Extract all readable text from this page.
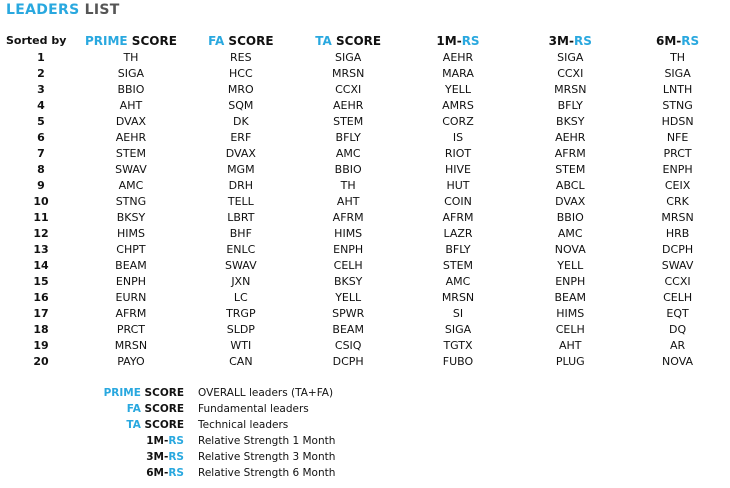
LEADERS LIST
Sorted by	PRIME SCORE	FA SCORE	TA SCORE	1M-RS	3M-RS	6M-RS
1	TH	RES	SIGA	AEHR	SIGA	TH
2	SIGA	HCC	MRSN	MARA	CCXI	SIGA
3	BBIO	MRO	CCXI	YELL	MRSN	LNTH
4	AHT	SQM	AEHR	AMRS	BFLY	STNG
5	DVAX	DK	STEM	CORZ	BKSY	HDSN
6	AEHR	ERF	BFLY	IS	AEHR	NFE
7	STEM	DVAX	AMC	RIOT	AFRM	PRCT
8	SWAV	MGM	BBIO	HIVE	STEM	ENPH
9	AMC	DRH	TH	HUT	ABCL	CEIX
10	STNG	TELL	AHT	COIN	DVAX	CRK
11	BKSY	LBRT	AFRM	AFRM	BBIO	MRSN
12	HIMS	BHF	HIMS	LAZR	AMC	HRB
13	CHPT	ENLC	ENPH	BFLY	NOVA	DCPH
14	BEAM	SWAV	CELH	STEM	YELL	SWAV
15	ENPH	JXN	BKSY	AMC	ENPH	CCXI
16	EURN	LC	YELL	MRSN	BEAM	CELH
17	AFRM	TRGP	SPWR	SI	HIMS	EQT
18	PRCT	SLDP	BEAM	SIGA	CELH	DQ
19	MRSN	WTI	CSIQ	TGTX	AHT	AR
20	PAYO	CAN	DCPH	FUBO	PLUG	NOVA
PRIME SCORE OVERALL leaders (TA+FA)
FA SCORE Fundamental leaders
TA SCORE Technical leaders
1M-RS Relative Strength 1 Month
3M-RS Relative Strength 3 Month
6M-RS Relative Strength 6 Month
